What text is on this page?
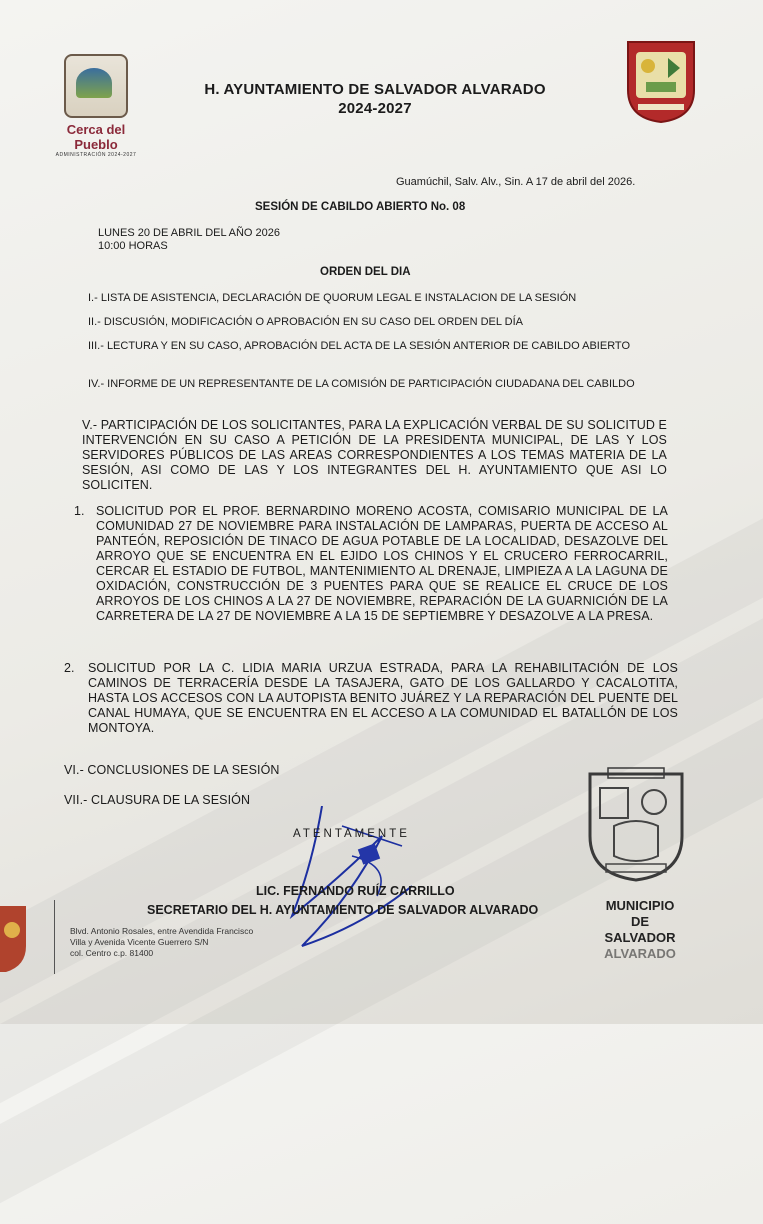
Cerca del Pueblo
ADMINISTRACIÓN 2024-2027
H. AYUNTAMIENTO DE SALVADOR ALVARADO
2024-2027
Guamúchil, Salv. Alv., Sin. A 17 de abril del 2026.
SESIÓN DE CABILDO ABIERTO No. 08
LUNES 20 DE ABRIL DEL AÑO 2026
10:00 HORAS
ORDEN DEL DIA
I.- LISTA DE ASISTENCIA, DECLARACIÓN DE QUORUM LEGAL E INSTALACION DE LA SESIÓN
II.- DISCUSIÓN, MODIFICACIÓN O APROBACIÓN EN SU CASO DEL ORDEN DEL DÍA
III.- LECTURA Y EN SU CASO, APROBACIÓN DEL ACTA DE LA SESIÓN ANTERIOR DE CABILDO ABIERTO
IV.- INFORME DE UN REPRESENTANTE DE LA COMISIÓN DE PARTICIPACIÓN CIUDADANA DEL CABILDO
V.- PARTICIPACIÓN DE LOS SOLICITANTES, PARA LA EXPLICACIÓN VERBAL DE SU SOLICITUD E INTERVENCIÓN EN SU CASO A PETICIÓN DE LA PRESIDENTA MUNICIPAL, DE LAS Y LOS SERVIDORES PÚBLICOS DE LAS AREAS CORRESPONDIENTES A LOS TEMAS MATERIA DE LA SESIÓN, ASI COMO DE LAS Y LOS INTEGRANTES DEL H. AYUNTAMIENTO QUE ASI LO SOLICITEN.
1. SOLICITUD POR EL PROF. BERNARDINO MORENO ACOSTA, COMISARIO MUNICIPAL DE LA COMUNIDAD 27 DE NOVIEMBRE PARA INSTALACIÓN DE LAMPARAS, PUERTA DE ACCESO AL PANTEÓN, REPOSICIÓN DE TINACO DE AGUA POTABLE DE LA LOCALIDAD, DESAZOLVE DEL ARROYO QUE SE ENCUENTRA EN EL EJIDO LOS CHINOS Y EL CRUCERO FERROCARRIL, CERCAR EL ESTADIO DE FUTBOL, MANTENIMIENTO AL DRENAJE, LIMPIEZA A LA LAGUNA DE OXIDACIÓN, CONSTRUCCIÓN DE 3 PUENTES PARA QUE SE REALICE EL CRUCE DE LOS ARROYOS DE LOS CHINOS A LA 27 DE NOVIEMBRE, REPARACIÓN DE LA GUARNICIÓN DE LA CARRETERA DE LA 27 DE NOVIEMBRE A LA 15 DE SEPTIEMBRE Y DESAZOLVE A LA PRESA.
2. SOLICITUD POR LA C. LIDIA MARIA URZUA ESTRADA, PARA LA REHABILITACIÓN DE LOS CAMINOS DE TERRACERÍA DESDE LA TASAJERA, GATO DE LOS GALLARDO Y CACALOTITA, HASTA LOS ACCESOS CON LA AUTOPISTA BENITO JUÁREZ Y LA REPARACIÓN DEL PUENTE DEL CANAL HUMAYA, QUE SE ENCUENTRA EN EL ACCESO A LA COMUNIDAD EL BATALLÓN DE LOS MONTOYA.
VI.- CONCLUSIONES DE LA SESIÓN
VII.- CLAUSURA DE LA SESIÓN
ATENTAMENTE
LIC. FERNANDO RUÍZ CARRILLO
SECRETARIO DEL H. AYUNTAMIENTO DE SALVADOR ALVARADO	MUNICIPIO
DE
SALVADOR
ALVARADO
Blvd. Antonio Rosales, entre Avendida Francisco
Villa y Avenida Vicente Guerrero S/N
col. Centro c.p. 81400
